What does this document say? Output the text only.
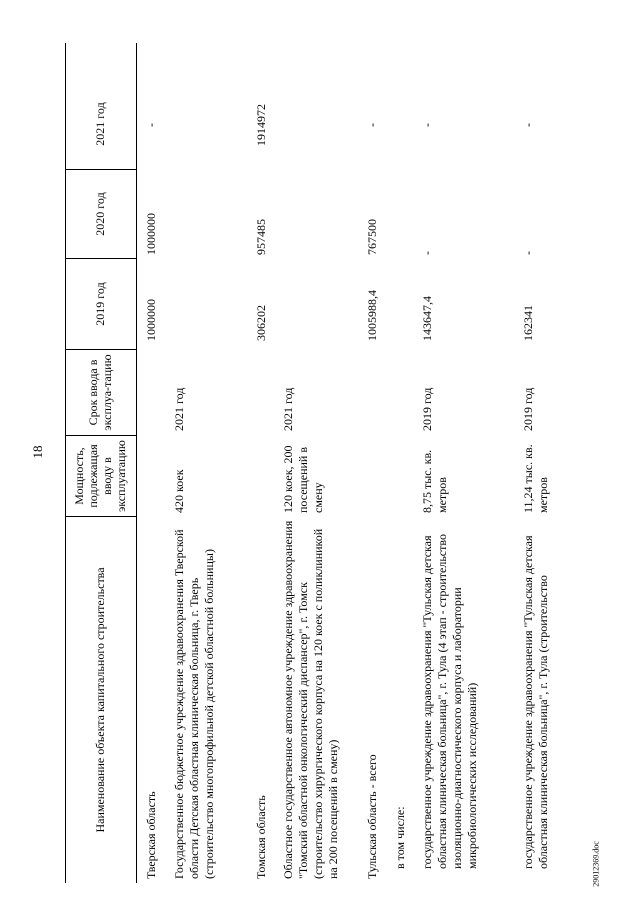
18
29012369.doc
Наименование объекта капитального строительства
Мощность, подлежащая вводу в эксплуатацию
Срок ввода в эксплуа-тацию
2019 год
2020 год
2021 год
Тверская область
1000000
1000000
-
Государственное бюджетное учреждение здравоохранения Тверской области Детская областная клиническая больница, г. Тверь (строительство многопрофильной детской областной больницы)
420 коек
2021 год
Томская область
306202
957485
1914972
Областное государственное автономное учреждение здравоохранения "Томский областной онкологический диспансер", г. Томск (строительство хирургического корпуса на 120 коек с поликлиникой на 200 посещений в смену)
120 коек, 200 посещений в смену
2021 год
Тульская область - всего
1005988,4
767500
-
в том числе: государственное учреждение здравоохранения "Тульская детская областная клиническая больница", г. Тула (4 этап - строительство изоляционно-диагностического корпуса и лаборатории микробиологических исследований)
8,75 тыс. кв. метров
2019 год
143647,4
-
-
государственное учреждение здравоохранения "Тульская детская областная клиническая больница", г. Тула (строительство
11,24 тыс. кв. метров
2019 год
162341
-
-
